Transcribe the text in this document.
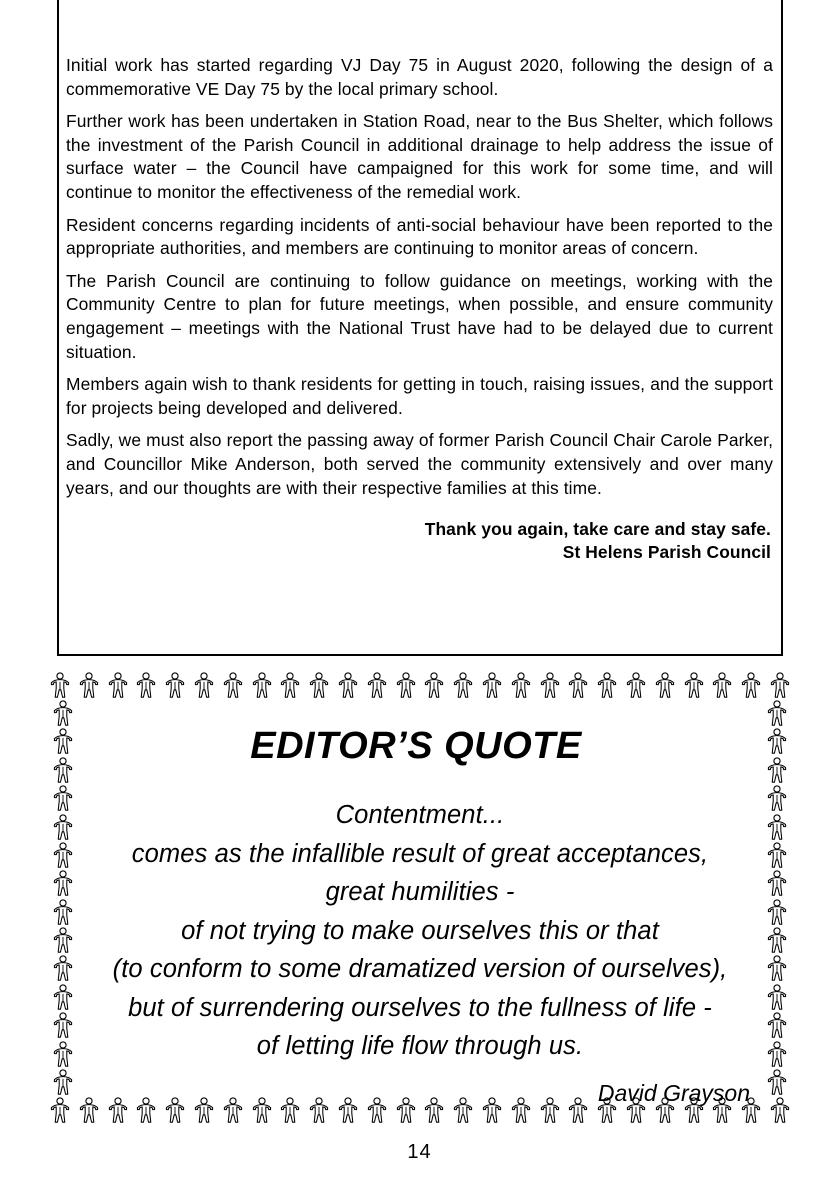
Initial work has started regarding VJ Day 75 in August 2020, following the design of a commemorative VE Day 75 by the local primary school.

Further work has been undertaken in Station Road, near to the Bus Shelter, which follows the investment of the Parish Council in additional drainage to help address the issue of surface water – the Council have campaigned for this work for some time, and will continue to monitor the effectiveness of the remedial work.

Resident concerns regarding incidents of anti-social behaviour have been reported to the appropriate authorities, and members are continuing to monitor areas of concern.

The Parish Council are continuing to follow guidance on meetings, working with the Community Centre to plan for future meetings, when possible, and ensure community engagement – meetings with the National Trust have had to be delayed due to current situation.

Members again wish to thank residents for getting in touch, raising issues, and the support for projects being developed and delivered.

Sadly, we must also report the passing away of former Parish Council Chair Carole Parker, and Councillor Mike Anderson, both served the community extensively and over many years, and our thoughts are with their respective families at this time.

Thank you again, take care and stay safe.
St Helens Parish Council
EDITOR’S QUOTE
Contentment...
comes as the infallible result of great acceptances,
great humilities -
of not trying to make ourselves this or that
(to conform to some dramatized version of ourselves),
but of surrendering ourselves to the fullness of life -
of letting life flow through us.
David Grayson
14
